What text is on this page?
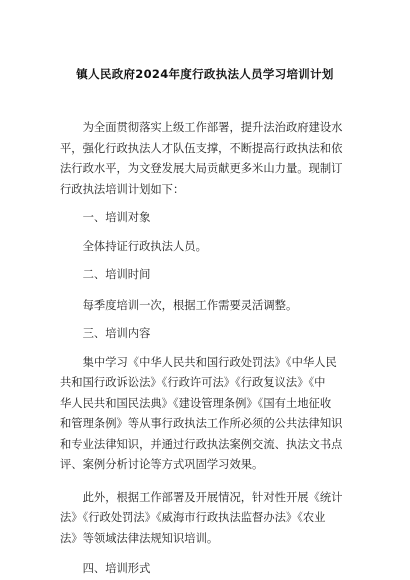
镇人民政府2024年度行政执法人员学习培训计划

为全面贯彻落实上级工作部署，提升法治政府建设水

平，强化行政执法人才队伍支撑，不断提高行政执法和依
法行政水平，为文登发展大局贡献更多米山力量。现制订
行政执法培训计划如下：

一、培训对象

全体持证行政执法人员。

二、培训时间

每季度培训一次，根据工作需要灵活调整。

三、培训内容

集中学习《中华人民共和国行政处罚法》《中华人民

共和国行政诉讼法》《行政许可法》《行政复议法》《中
华人民共和国民法典》《建设管理条例》《国有土地征收
和管理条例》等从事行政执法工作所必须的公共法律知识
和专业法律知识，并通过行政执法案例交流、执法文书点
评、案例分析讨论等方式巩固学习效果。

此外，根据工作部署及开展情况，针对性开展《统计

法》《行政处罚法》《威海市行政执法监督办法》《农业
法》等领域法律法规知识培训。

四、培训形式
